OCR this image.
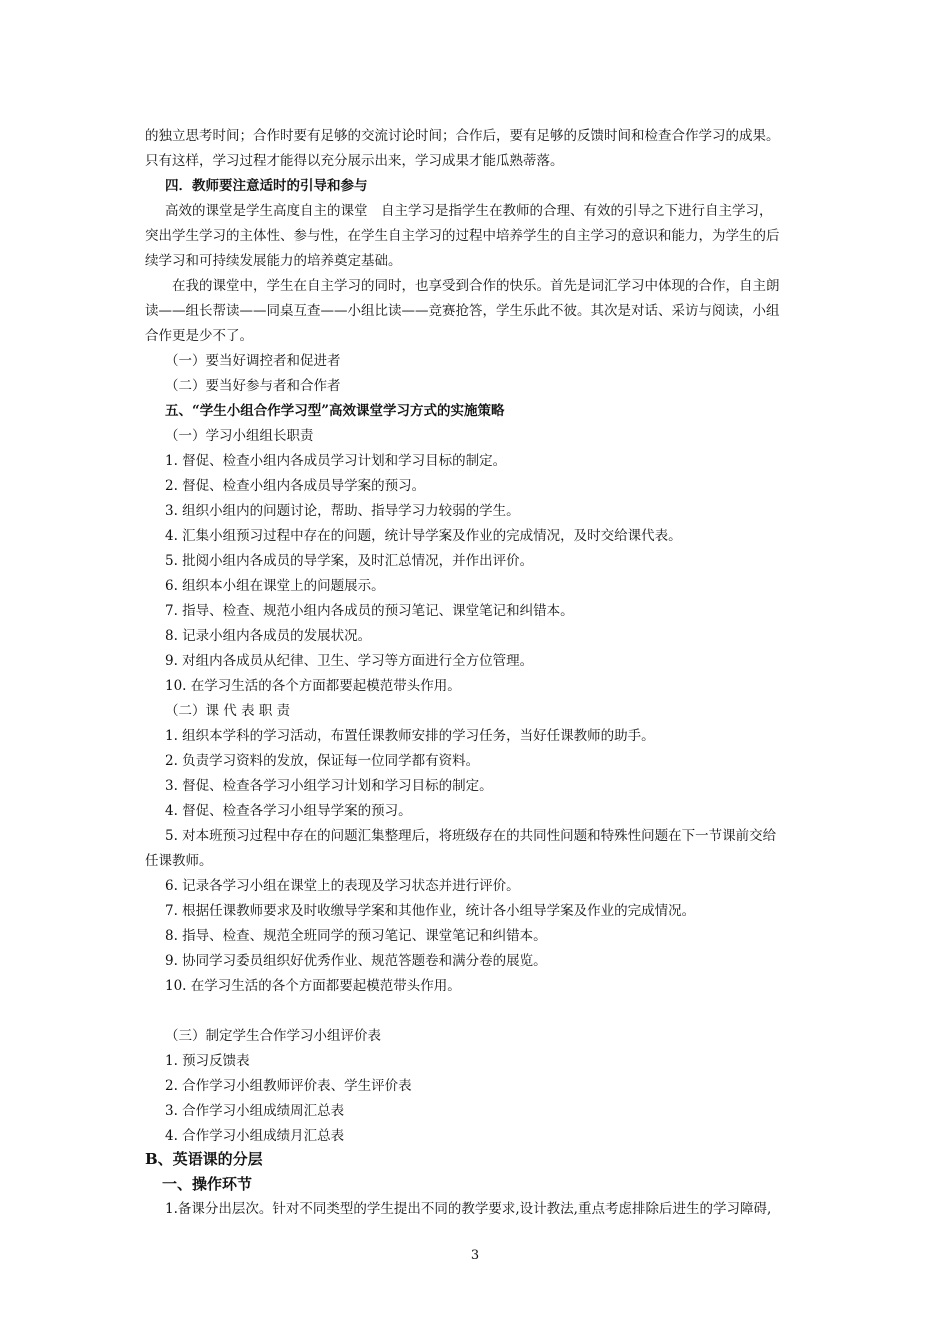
的独立思考时间；合作时要有足够的交流讨论时间；合作后，要有足够的反馈时间和检查合作学习的成果。
只有这样，学习过程才能得以充分展示出来，学习成果才能瓜熟蒂落。
四．教师要注意适时的引导和参与
高效的课堂是学生高度自主的课堂　自主学习是指学生在教师的合理、有效的引导之下进行自主学习，
突出学生学习的主体性、参与性，在学生自主学习的过程中培养学生的自主学习的意识和能力，为学生的后
续学习和可持续发展能力的培养奠定基础。
在我的课堂中，学生在自主学习的同时，也享受到合作的快乐。首先是词汇学习中体现的合作，自主朗
读——组长帮读——同桌互查——小组比读——竞赛抢答，学生乐此不彼。其次是对话、采访与阅读，小组
合作更是少不了。
（一）要当好调控者和促进者
（二）要当好参与者和合作者
五、“学生小组合作学习型”高效课堂学习方式的实施策略
（一）学习小组组长职责
1. 督促、检查小组内各成员学习计划和学习目标的制定。
2. 督促、检查小组内各成员导学案的预习。
3. 组织小组内的问题讨论，帮助、指导学习力较弱的学生。
4. 汇集小组预习过程中存在的问题，统计导学案及作业的完成情况，及时交给课代表。
5. 批阅小组内各成员的导学案，及时汇总情况，并作出评价。
6. 组织本小组在课堂上的问题展示。
7. 指导、检查、规范小组内各成员的预习笔记、课堂笔记和纠错本。
8. 记录小组内各成员的发展状况。
9. 对组内各成员从纪律、卫生、学习等方面进行全方位管理。
10. 在学习生活的各个方面都要起模范带头作用。
（二）课 代 表 职 责
1. 组织本学科的学习活动，布置任课教师安排的学习任务，当好任课教师的助手。
2. 负责学习资料的发放，保证每一位同学都有资料。
3. 督促、检查各学习小组学习计划和学习目标的制定。
4. 督促、检查各学习小组导学案的预习。
5. 对本班预习过程中存在的问题汇集整理后，将班级存在的共同性问题和特殊性问题在下一节课前交给
任课教师。
6. 记录各学习小组在课堂上的表现及学习状态并进行评价。
7. 根据任课教师要求及时收缴导学案和其他作业，统计各小组导学案及作业的完成情况。
8. 指导、检查、规范全班同学的预习笔记、课堂笔记和纠错本。
9. 协同学习委员组织好优秀作业、规范答题卷和满分卷的展览。
10. 在学习生活的各个方面都要起模范带头作用。
（三）制定学生合作学习小组评价表
1. 预习反馈表
2. 合作学习小组教师评价表、学生评价表
3. 合作学习小组成绩周汇总表
4. 合作学习小组成绩月汇总表
B、英语课的分层
一、操作环节
1.备课分出层次。针对不同类型的学生提出不同的教学要求,设计教法,重点考虑排除后进生的学习障碍,
3
